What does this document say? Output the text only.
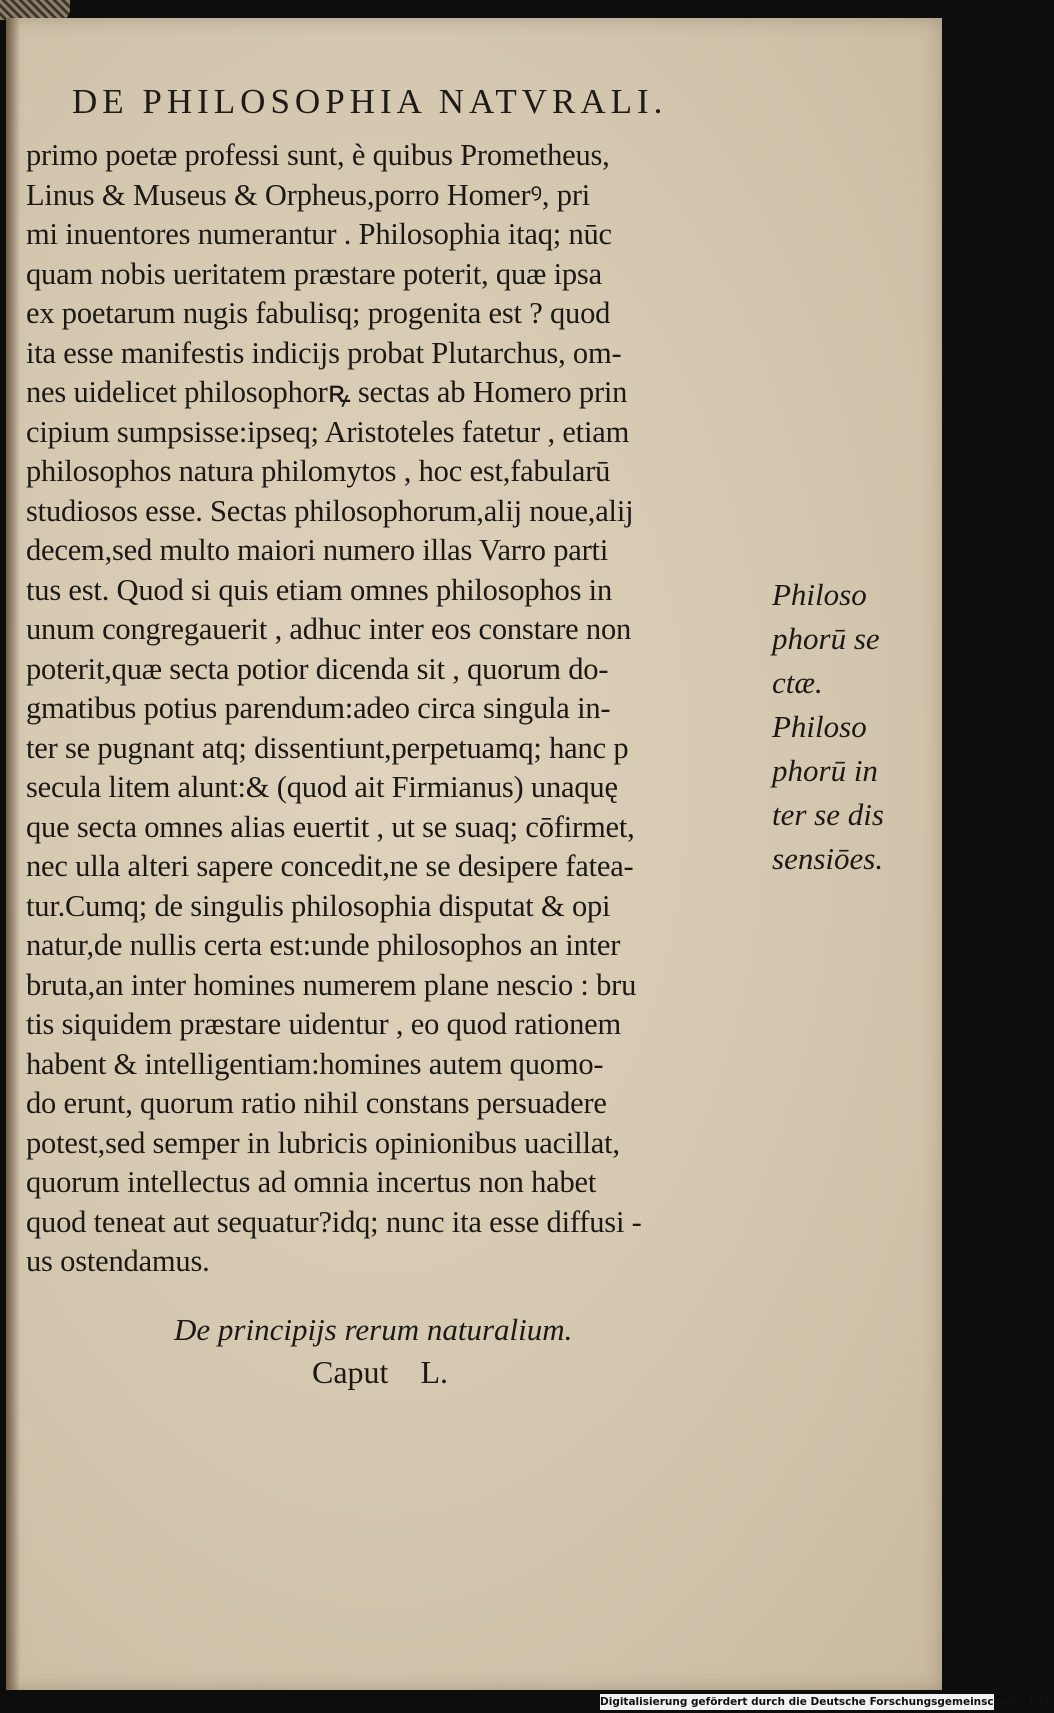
DE PHILOSOPHIA NATVRALI.
primo poetæ professi sunt, è quibus Prometheus,
Linus & Museus & Orpheus,porro Homerꝰ, pri
mi inuentores numerantur . Philosophia itaq; nūc
quam nobis ueritatem præstare poterit, quæ ipsa
ex poetarum nugis fabulisq; progenita est ? quod
ita esse manifestis indicijs probat Plutarchus, om-
nes uidelicet philosophorꝶ sectas ab Homero prin
cipium sumpsisse:ipseq; Aristoteles fatetur , etiam
philosophos natura philomytos , hoc est,fabularū
studiosos esse. Sectas philosophorum,alij noue,alij
decem,sed multo maiori numero illas Varro parti
tus est. Quod si quis etiam omnes philosophos in
unum congregauerit , adhuc inter eos constare non
poterit,quæ secta potior dicenda sit , quorum do-
gmatibus potius parendum:adeo circa singula in-
ter se pugnant atq; dissentiunt,perpetuamq; hanc p
secula litem alunt:& (quod ait Firmianus) unaquę
que secta omnes alias euertit , ut se suaq; cōfirmet,
nec ulla alteri sapere concedit,ne se desipere fatea-
tur.Cumq; de singulis philosophia disputat & opi
natur,de nullis certa est:unde philosophos an inter
bruta,an inter homines numerem plane nescio : bru
tis siquidem præstare uidentur , eo quod rationem
habent & intelligentiam:homines autem quomo-
do erunt, quorum ratio nihil constans persuadere
potest,sed semper in lubricis opinionibus uacillat,
quorum intellectus ad omnia incertus non habet
quod teneat aut sequatur?idq; nunc ita esse diffusi -
us ostendamus.
Philoso
phorū se
ctæ.
Philoso
phorū in
ter se dis
sensiōes.
De principijs rerum naturalium.
Caput L.
Digitalisierung gefördert durch die Deutsche Forschungsgemeinschaft - DFG
